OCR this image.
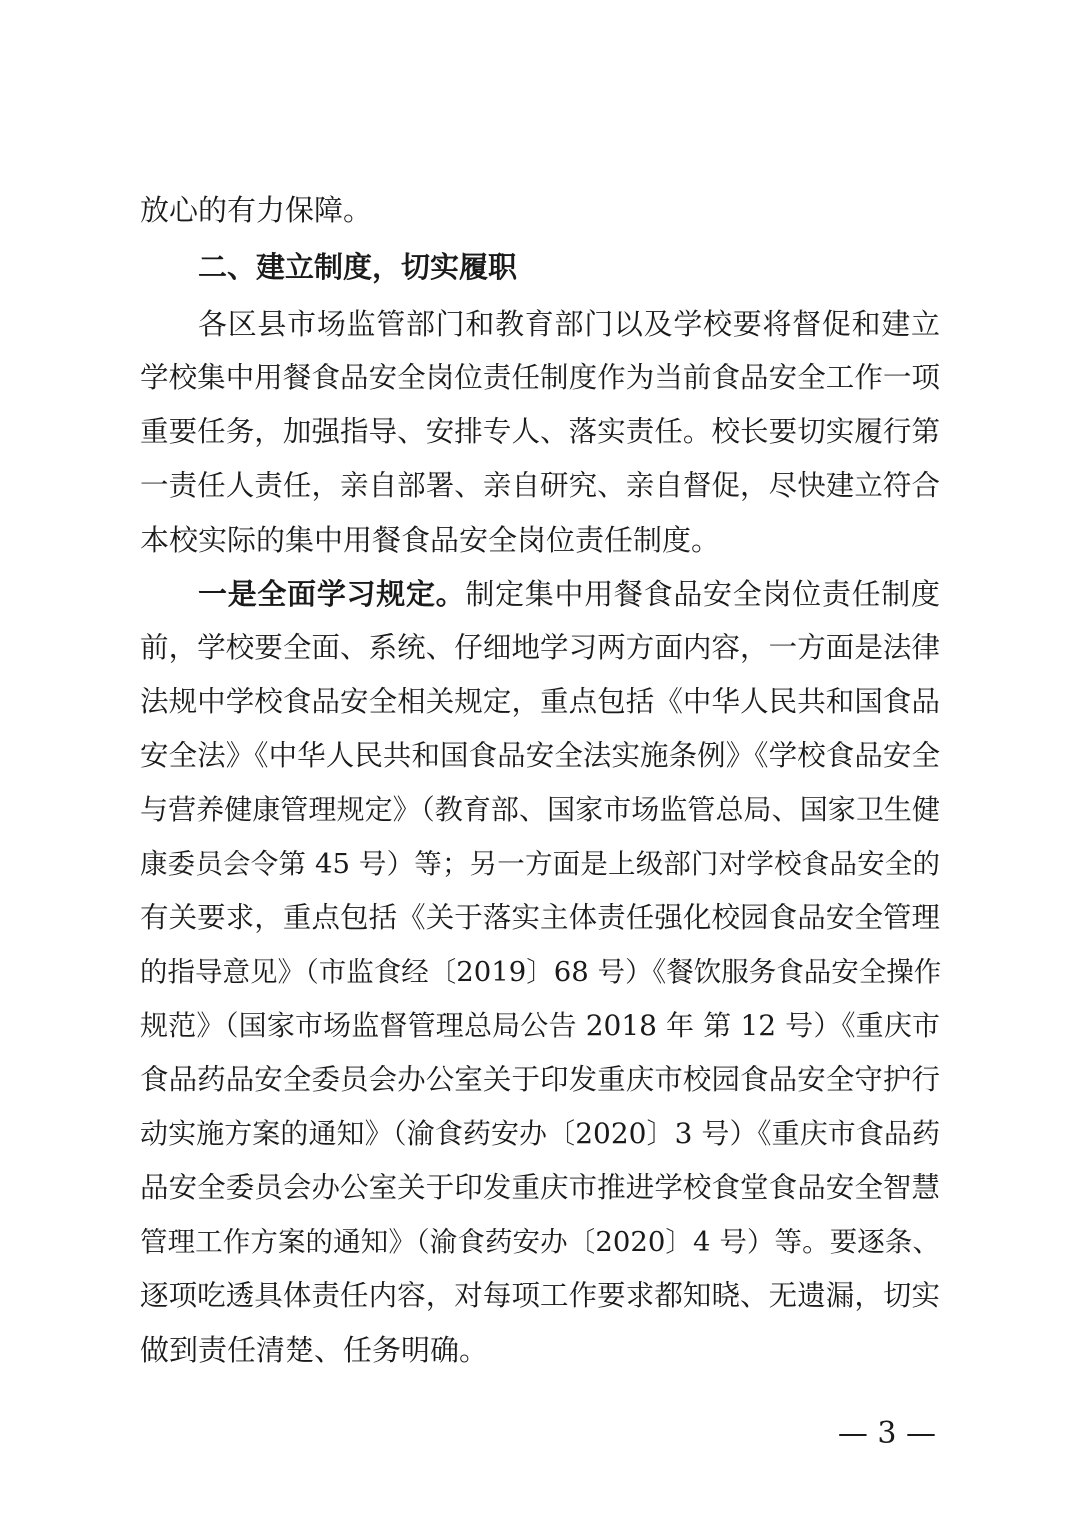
放心的有力保障。
二、建立制度，切实履职
各区县市场监管部门和教育部门以及学校要将督促和建立
学校集中用餐食品安全岗位责任制度作为当前食品安全工作一项
重要任务，加强指导、安排专人、落实责任。校长要切实履行第
一责任人责任，亲自部署、亲自研究、亲自督促，尽快建立符合
本校实际的集中用餐食品安全岗位责任制度。
一是全面学习规定。制定集中用餐食品安全岗位责任制度
前，学校要全面、系统、仔细地学习两方面内容，一方面是法律
法规中学校食品安全相关规定，重点包括《中华人民共和国食品
安全法》《中华人民共和国食品安全法实施条例》《学校食品安全
与营养健康管理规定》（教育部、国家市场监管总局、国家卫生健
康委员会令第 45 号）等；另一方面是上级部门对学校食品安全的
有关要求，重点包括《关于落实主体责任强化校园食品安全管理
的指导意见》（市监食经〔2019〕68 号）《餐饮服务食品安全操作
规范》（国家市场监督管理总局公告 2018 年 第 12 号）《重庆市
食品药品安全委员会办公室关于印发重庆市校园食品安全守护行
动实施方案的通知》（渝食药安办〔2020〕3 号）《重庆市食品药
品安全委员会办公室关于印发重庆市推进学校食堂食品安全智慧
管理工作方案的通知》（渝食药安办〔2020〕4 号）等。要逐条、
逐项吃透具体责任内容，对每项工作要求都知晓、无遗漏，切实
做到责任清楚、任务明确。
— 3 —
